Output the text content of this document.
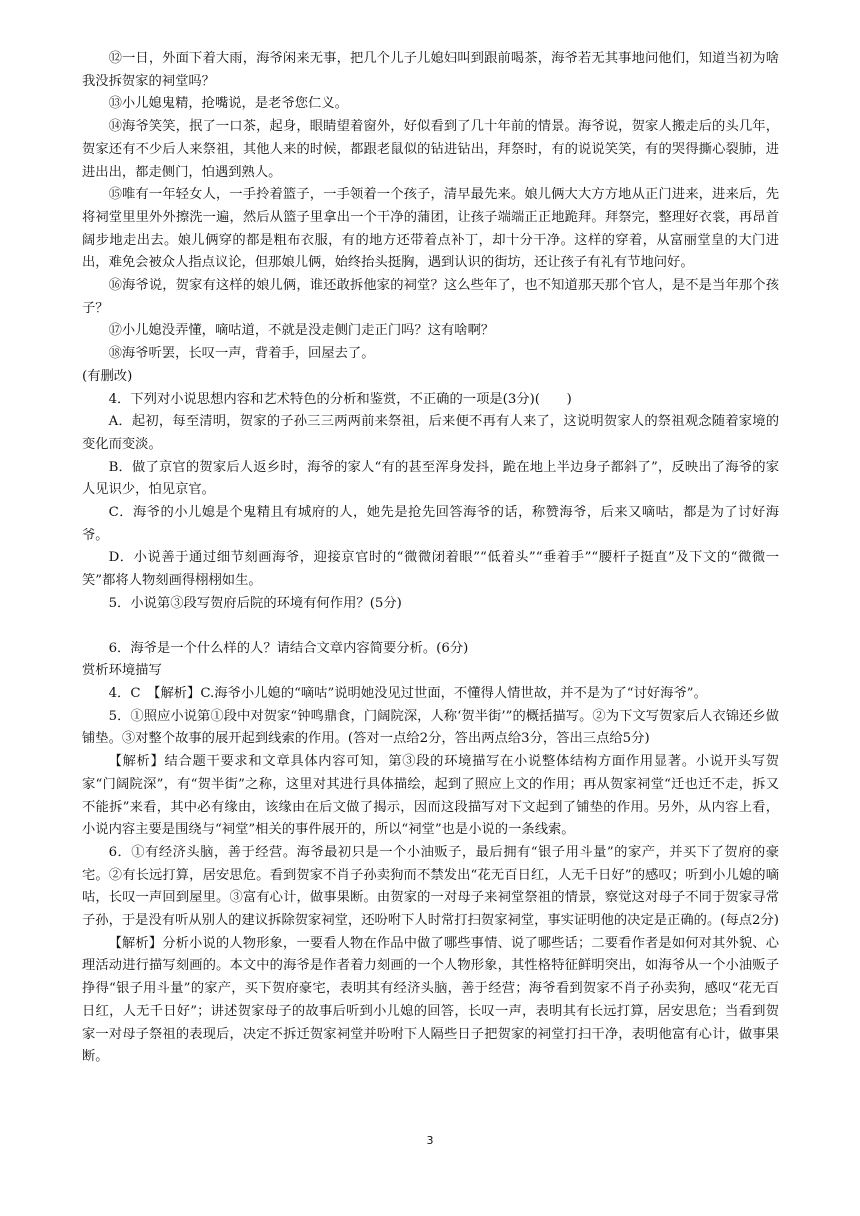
⑫一日，外面下着大雨，海爷闲来无事，把几个儿子儿媳妇叫到跟前喝茶，海爷若无其事地问他们，知道当初为啥我没拆贺家的祠堂吗？

⑬小儿媳鬼精，抢嘴说，是老爷您仁义。

⑭海爷笑笑，抿了一口茶，起身，眼睛望着窗外，好似看到了几十年前的情景。海爷说，贺家人搬走后的头几年，贺家还有不少后人来祭祖，其他人来的时候，都跟老鼠似的钻进钻出，拜祭时，有的说说笑笑，有的哭得撕心裂肺，进进出出，都走侧门，怕遇到熟人。

⑮唯有一年轻女人，一手拎着篮子，一手领着一个孩子，清早最先来。娘儿俩大大方方地从正门进来，进来后，先将祠堂里里外外擦洗一遍，然后从篮子里拿出一个干净的蒲团，让孩子端端正正地跪拜。拜祭完，整理好衣裳，再昂首阔步地走出去。娘儿俩穿的都是粗布衣服，有的地方还带着点补丁，却十分干净。这样的穿着，从富丽堂皇的大门进出，难免会被众人指点议论，但那娘儿俩，始终抬头挺胸，遇到认识的街坊，还让孩子有礼有节地问好。

⑯海爷说，贺家有这样的娘儿俩，谁还敢拆他家的祠堂？这么些年了，也不知道那天那个官人，是不是当年那个孩子？

⑰小儿媳没弄懂，嘀咕道，不就是没走侧门走正门吗？这有啥啊？

⑱海爷听罢，长叹一声，背着手，回屋去了。

(有删改)

4．下列对小说思想内容和艺术特色的分析和鉴赏，不正确的一项是(3分)(　　)

A．起初，每至清明，贺家的子孙三三两两前来祭祖，后来便不再有人来了，这说明贺家人的祭祖观念随着家境的变化而变淡。

B．做了京官的贺家后人返乡时，海爷的家人“有的甚至浑身发抖，跪在地上半边身子都斜了”，反映出了海爷的家人见识少，怕见京官。

C．海爷的小儿媳是个鬼精且有城府的人，她先是抢先回答海爷的话，称赞海爷，后来又嘀咕，都是为了讨好海爷。

D．小说善于通过细节刻画海爷，迎接京官时的“微微闭着眼”“低着头”“垂着手”“腰杆子挺直”及下文的“微微一笑”都将人物刻画得栩栩如生。

5．小说第③段写贺府后院的环境有何作用？(5分)

6．海爷是一个什么样的人？请结合文章内容简要分析。(6分)

赏析环境描写

4．C　【解析】C.海爷小儿媳的“嘀咕”说明她没见过世面，不懂得人情世故，并不是为了“讨好海爷”。

5．①照应小说第①段中对贺家“钟鸣鼎食，门阔院深，人称‘贺半街’”的概括描写。②为下文写贺家后人衣锦还乡做铺垫。③对整个故事的展开起到线索的作用。(答对一点给2分，答出两点给3分，答出三点给5分)

【解析】结合题干要求和文章具体内容可知，第③段的环境描写在小说整体结构方面作用显著。小说开头写贺家“门阔院深”，有“贺半街”之称，这里对其进行具体描绘，起到了照应上文的作用；再从贺家祠堂“迁也迁不走，拆又不能拆”来看，其中必有缘由，该缘由在后文做了揭示，因而这段描写对下文起到了铺垫的作用。另外，从内容上看，小说内容主要是围绕与“祠堂”相关的事件展开的，所以“祠堂”也是小说的一条线索。

6．①有经济头脑，善于经营。海爷最初只是一个小油贩子，最后拥有“银子用斗量”的家产，并买下了贺府的豪宅。②有长远打算，居安思危。看到贺家不肖子孙卖狗而不禁发出“花无百日红，人无千日好”的感叹；听到小儿媳的嘀咕，长叹一声回到屋里。③富有心计，做事果断。由贺家的一对母子来祠堂祭祖的情景，察觉这对母子不同于贺家寻常子孙，于是没有听从别人的建议拆除贺家祠堂，还吩咐下人时常打扫贺家祠堂，事实证明他的决定是正确的。(每点2分)

【解析】分析小说的人物形象，一要看人物在作品中做了哪些事情、说了哪些话；二要看作者是如何对其外貌、心理活动进行描写刻画的。本文中的海爷是作者着力刻画的一个人物形象，其性格特征鲜明突出，如海爷从一个小油贩子挣得“银子用斗量”的家产，买下贺府豪宅，表明其有经济头脑，善于经营；海爷看到贺家不肖子孙卖狗，感叹“花无百日红，人无千日好”；讲述贺家母子的故事后听到小儿媳的回答，长叹一声，表明其有长远打算，居安思危；当看到贺家一对母子祭祖的表现后，决定不拆迁贺家祠堂并吩咐下人隔些日子把贺家的祠堂打扫干净，表明他富有心计，做事果断。

3
